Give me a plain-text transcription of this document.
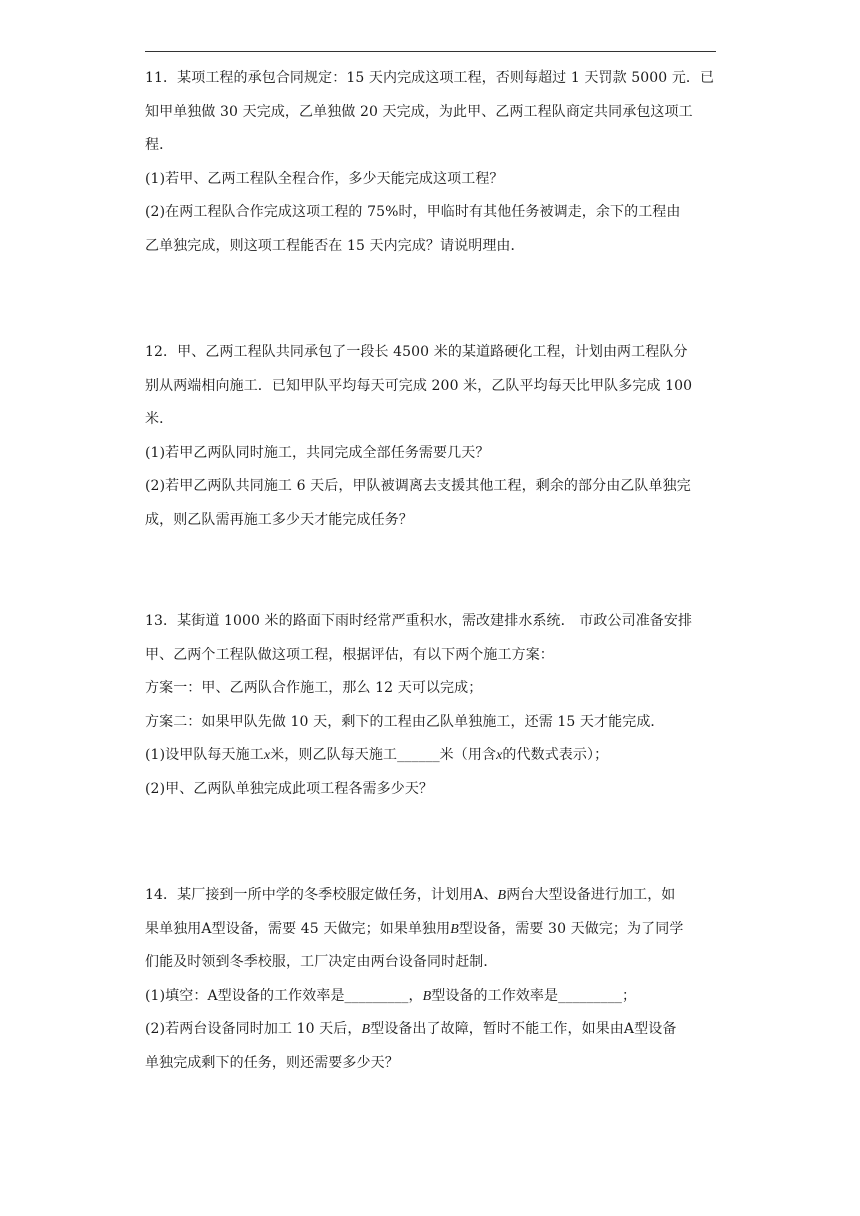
11．某项工程的承包合同规定：15 天内完成这项工程，否则每超过 1 天罚款 5000 元．已
知甲单独做 30 天完成，乙单独做 20 天完成，为此甲、乙两工程队商定共同承包这项工
程．
(1)若甲、乙两工程队全程合作，多少天能完成这项工程？
(2)在两工程队合作完成这项工程的 75%时，甲临时有其他任务被调走，余下的工程由
乙单独完成，则这项工程能否在 15 天内完成？请说明理由．
12．甲、乙两工程队共同承包了一段长 4500 米的某道路硬化工程，计划由两工程队分
别从两端相向施工．已知甲队平均每天可完成 200 米，乙队平均每天比甲队多完成 100
米．
(1)若甲乙两队同时施工，共同完成全部任务需要几天？
(2)若甲乙两队共同施工 6 天后，甲队被调离去支援其他工程，剩余的部分由乙队单独完
成，则乙队需再施工多少天才能完成任务？
13．某街道 1000 米的路面下雨时经常严重积水，需改建排水系统． 市政公司准备安排
甲、乙两个工程队做这项工程，根据评估，有以下两个施工方案：
方案一：甲、乙两队合作施工，那么 12 天可以完成；
方案二：如果甲队先做 10 天，剩下的工程由乙队单独施工，还需 15 天才能完成．
(1)设甲队每天施工x米，则乙队每天施工______米（用含x的代数式表示）；
(2)甲、乙两队单独完成此项工程各需多少天？
14．某厂接到一所中学的冬季校服定做任务，计划用A、B两台大型设备进行加工，如
果单独用A型设备，需要 45 天做完；如果单独用B型设备，需要 30 天做完；为了同学
们能及时领到冬季校服，工厂决定由两台设备同时赶制．
(1)填空：A型设备的工作效率是_________，B型设备的工作效率是_________；
(2)若两台设备同时加工 10 天后，B型设备出了故障，暂时不能工作，如果由A型设备
单独完成剩下的任务，则还需要多少天？
